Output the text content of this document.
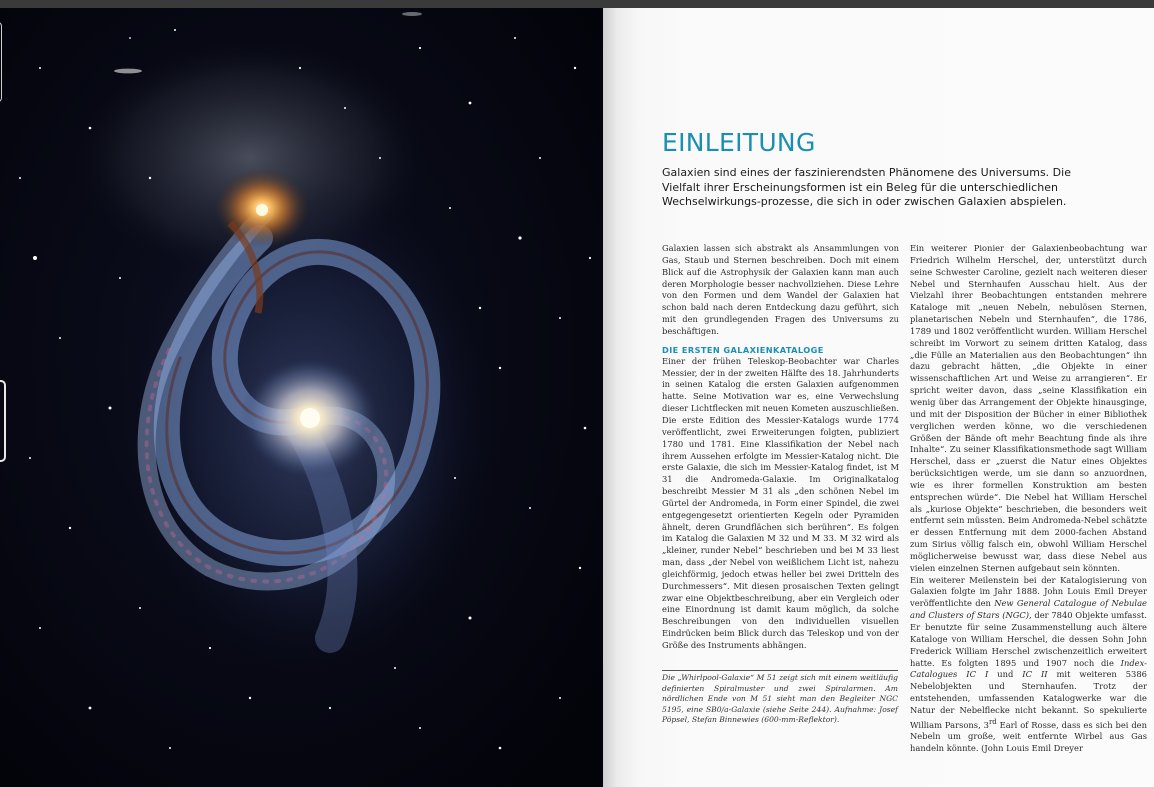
EINLEITUNG

Galaxien sind eines der faszinierendsten Phänomene des Universums. Die Vielfalt ihrer Erscheinungsformen ist ein Beleg für die unterschiedlichen Wechselwirkungs-prozesse, die sich in oder zwischen Galaxien abspielen.

Galaxien lassen sich abstrakt als Ansammlungen von Gas, Staub und Sternen beschreiben. Doch mit einem Blick auf die Astrophysik der Galaxien kann man auch deren Morphologie besser nachvollziehen. Diese Lehre von den Formen und dem Wandel der Galaxien hat schon bald nach deren Entdeckung dazu geführt, sich mit den grundlegenden Fragen des Universums zu beschäftigen.

DIE ERSTEN GALAXIENKATALOGE

Einer der frühen Teleskop-Beobachter war Charles Messier, der in der zweiten Hälfte des 18. Jahrhunderts in seinen Katalog die ersten Galaxien aufgenommen hatte. Seine Motivation war es, eine Verwechslung dieser Lichtflecken mit neuen Kometen auszuschließen. Die erste Edition des Messier-Katalogs wurde 1774 veröffentlicht, zwei Erweiterungen folgten, publiziert 1780 und 1781. Eine Klassifikation der Nebel nach ihrem Aussehen erfolgte im Messier-Katalog nicht. Die erste Galaxie, die sich im Messier-Katalog findet, ist M 31 die Andromeda-Galaxie. Im Originalkatalog beschreibt Messier M 31 als „den schönen Nebel im Gürtel der Andromeda, in Form einer Spindel, die zwei entgegengesetzt orientierten Kegeln oder Pyramiden ähnelt, deren Grundflächen sich berühren“. Es folgen im Katalog die Galaxien M 32 und M 33. M 32 wird als „kleiner, runder Nebel“ beschrieben und bei M 33 liest man, dass „der Nebel von weißlichem Licht ist, nahezu gleichförmig, jedoch etwas heller bei zwei Dritteln des Durchmessers“. Mit diesen prosaischen Texten gelingt zwar eine Objektbeschreibung, aber ein Vergleich oder eine Einordnung ist damit kaum möglich, da solche Beschreibungen von den individuellen visuellen Eindrücken beim Blick durch das Teleskop und von der Größe des Instruments abhängen.

Die „Whirlpool-Galaxie“ M 51 zeigt sich mit einem weitläufig definierten Spiralmuster und zwei Spiralarmen. Am nördlichen Ende von M 51 sieht man den Begleiter NGC 5195, eine SB0/a-Galaxie (siehe Seite 244). Aufnahme: Josef Pöpsel, Stefan Binnewies (600-mm-Reflektor).

Ein weiterer Pionier der Galaxienbeobachtung war Friedrich Wilhelm Herschel, der, unterstützt durch seine Schwester Caroline, gezielt nach weiteren dieser Nebel und Sternhaufen Ausschau hielt. Aus der Vielzahl ihrer Beobachtungen entstanden mehrere Kataloge mit „neuen Nebeln, nebulösen Sternen, planetarischen Nebeln und Sternhaufen“, die 1786, 1789 und 1802 veröffentlicht wurden. William Herschel schreibt im Vorwort zu seinem dritten Katalog, dass „die Fülle an Materialien aus den Beobachtungen“ ihn dazu gebracht hätten, „die Objekte in einer wissenschaftlichen Art und Weise zu arrangieren“. Er spricht weiter davon, dass „seine Klassifikation ein wenig über das Arrangement der Objekte hinausginge, und mit der Disposition der Bücher in einer Bibliothek verglichen werden könne, wo die verschiedenen Größen der Bände oft mehr Beachtung finde als ihre Inhalte“. Zu seiner Klassifikationsmethode sagt William Herschel, dass er „zuerst die Natur eines Objektes berücksichtigen werde, um sie dann so anzuordnen, wie es ihrer formellen Konstruktion am besten entsprechen würde“. Die Nebel hat William Herschel als „kuriose Objekte“ beschrieben, die besonders weit entfernt sein müssten. Beim Andromeda-Nebel schätzte er dessen Entfernung mit dem 2000-fachen Abstand zum Sirius völlig falsch ein, obwohl William Herschel möglicherweise bewusst war, dass diese Nebel aus vielen einzelnen Sternen aufgebaut sein könnten.

Ein weiterer Meilenstein bei der Katalogisierung von Galaxien folgte im Jahr 1888. John Louis Emil Dreyer veröffentlichte den New General Catalogue of Nebulae and Clusters of Stars (NGC), der 7840 Objekte umfasst. Er benutzte für seine Zusammenstellung auch ältere Kataloge von William Herschel, die dessen Sohn John Frederick William Herschel zwischenzeitlich erweitert hatte. Es folgten 1895 und 1907 noch die Index-Catalogues IC I und IC II mit weiteren 5386 Nebelobjekten und Sternhaufen. Trotz der entstehenden, umfassenden Katalogwerke war die Natur der Nebelflecke nicht bekannt. So spekulierte William Parsons, 3rd Earl of Rosse, dass es sich bei den Nebeln um große, weit entfernte Wirbel aus Gas handeln könnte. (John Louis Emil Dreyer
